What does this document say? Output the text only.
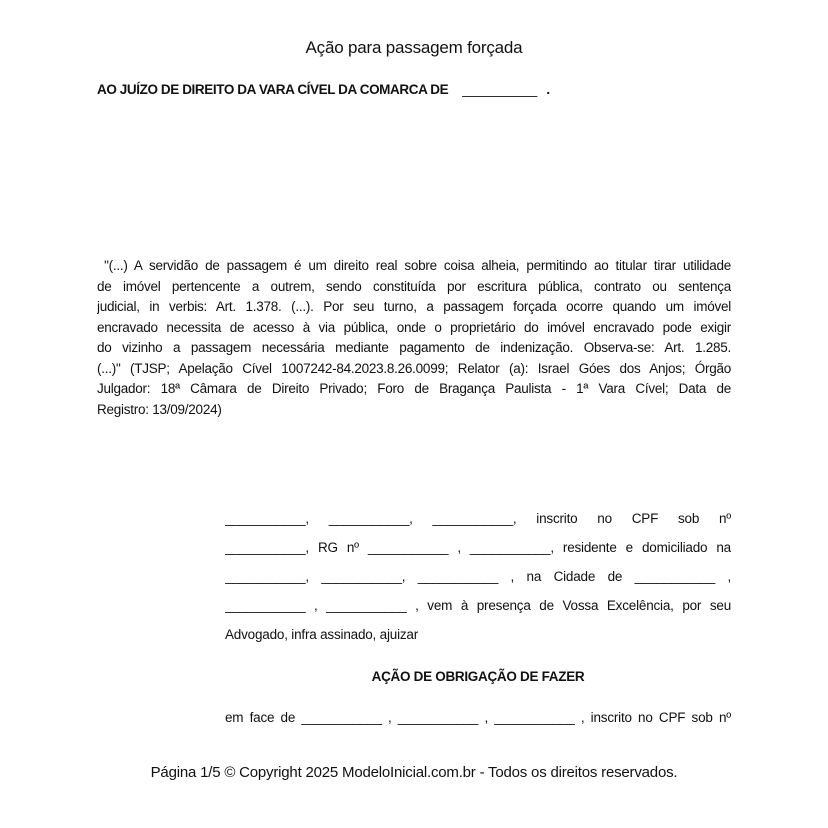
Ação para passagem forçada
AO JUÍZO DE DIREITO DA VARA CÍVEL DA COMARCA DE __________ .
"(...) A servidão de passagem é um direito real sobre coisa alheia, permitindo ao titular tirar utilidade
de imóvel pertencente a outrem, sendo constituída por escritura pública, contrato ou sentença
judicial, in verbis: Art. 1.378. (...). Por seu turno, a passagem forçada ocorre quando um imóvel
encravado necessita de acesso à via pública, onde o proprietário do imóvel encravado pode exigir
do vizinho a passagem necessária mediante pagamento de indenização. Observa-se: Art. 1.285.
(...)" (TJSP; Apelação Cível 1007242-84.2023.8.26.0099; Relator (a): Israel Góes dos Anjos; Órgão
Julgador: 18ª Câmara de Direito Privado; Foro de Bragança Paulista - 1ª Vara Cível; Data de
Registro: 13/09/2024)
___________, ___________, ___________, inscrito no CPF sob nº
___________, RG nº ___________ , ___________, residente e domiciliado na
___________, ___________, ___________ , na Cidade de ___________ ,
___________ , ___________ , vem à presença de Vossa Excelência, por seu
Advogado, infra assinado, ajuizar
AÇÃO DE OBRIGAÇÃO DE FAZER
em face de ___________ , ___________ , ___________ , inscrito no CPF sob nº
Página 1/5 © Copyright 2025 ModeloInicial.com.br - Todos os direitos reservados.
